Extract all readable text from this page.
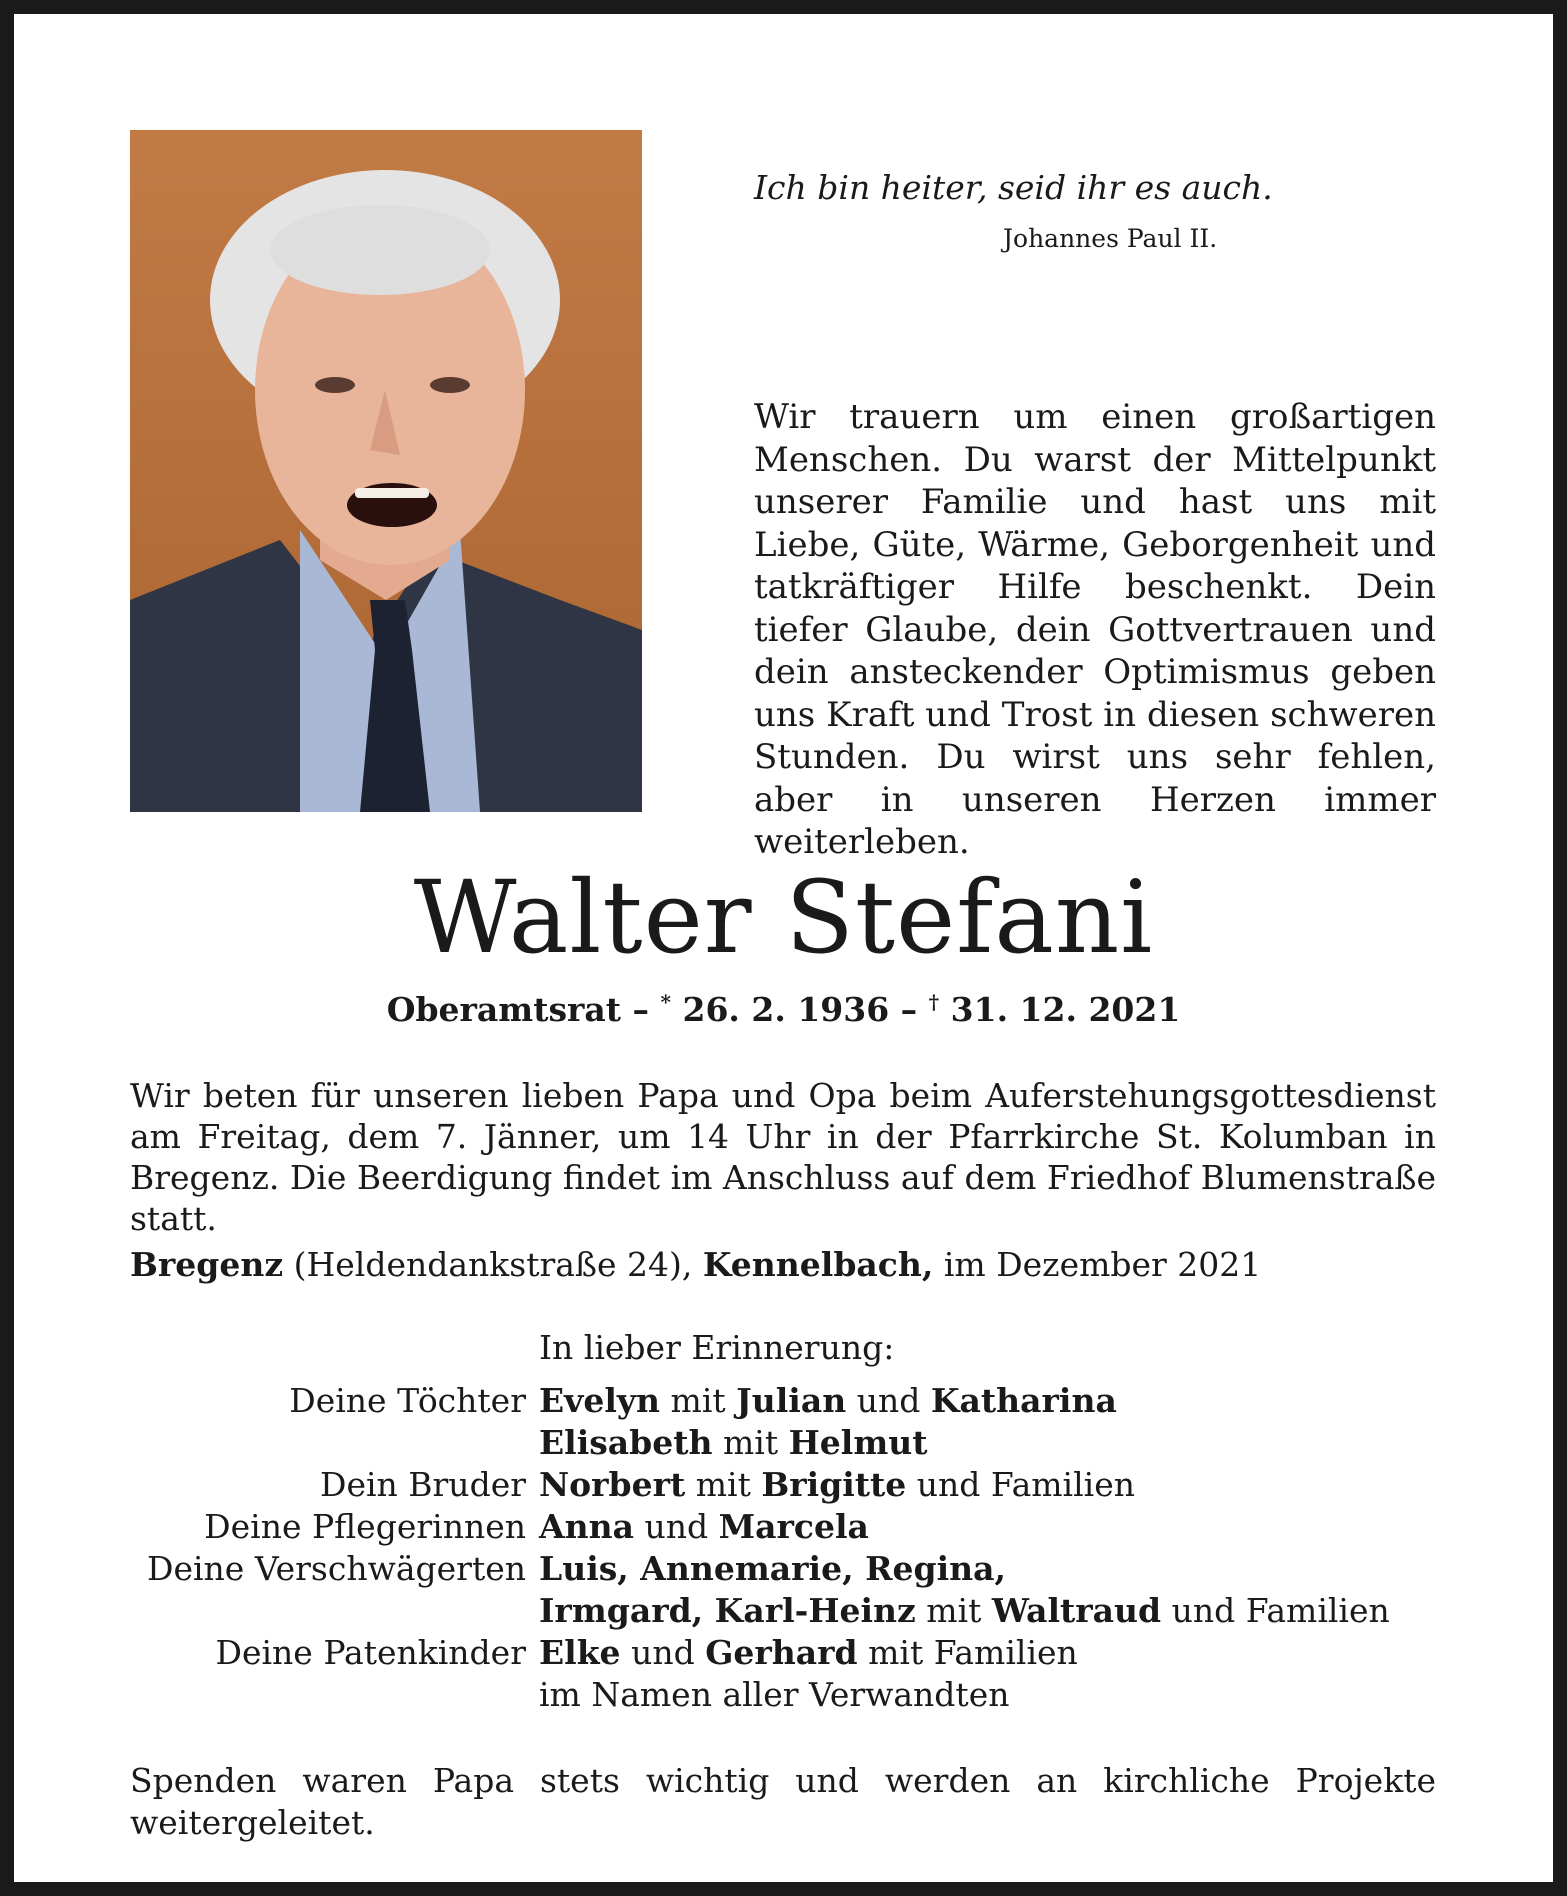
Ich bin heiter, seid ihr es auch.
Johannes Paul II.
Wir trauern um einen großartigen Menschen. Du warst der Mittelpunkt unserer Familie und hast uns mit Liebe, Güte, Wärme, Geborgenheit und tatkräftiger Hilfe beschenkt. Dein tiefer Glaube, dein Gottvertrauen und dein ansteckender Optimismus geben uns Kraft und Trost in diesen schweren Stunden. Du wirst uns sehr fehlen, aber in unseren Herzen immer weiterleben.
Walter Stefani
Oberamtsrat – * 26. 2. 1936 – † 31. 12. 2021
Wir beten für unseren lieben Papa und Opa beim Auferstehungsgottesdienst am Freitag, dem 7. Jänner, um 14 Uhr in der Pfarrkirche St. Kolumban in Bregenz. Die Beerdigung findet im Anschluss auf dem Friedhof Blumenstraße statt.
Bregenz (Heldendankstraße 24), Kennelbach, im Dezember 2021
In lieber Erinnerung:
Deine Töchter Evelyn mit Julian und Katharina
Elisabeth mit Helmut
Dein Bruder Norbert mit Brigitte und Familien
Deine Pflegerinnen Anna und Marcela
Deine Verschwägerten Luis, Annemarie, Regina,
Irmgard, Karl-Heinz mit Waltraud und Familien
Deine Patenkinder Elke und Gerhard mit Familien
im Namen aller Verwandten
Spenden waren Papa stets wichtig und werden an kirchliche Projekte weitergeleitet.
